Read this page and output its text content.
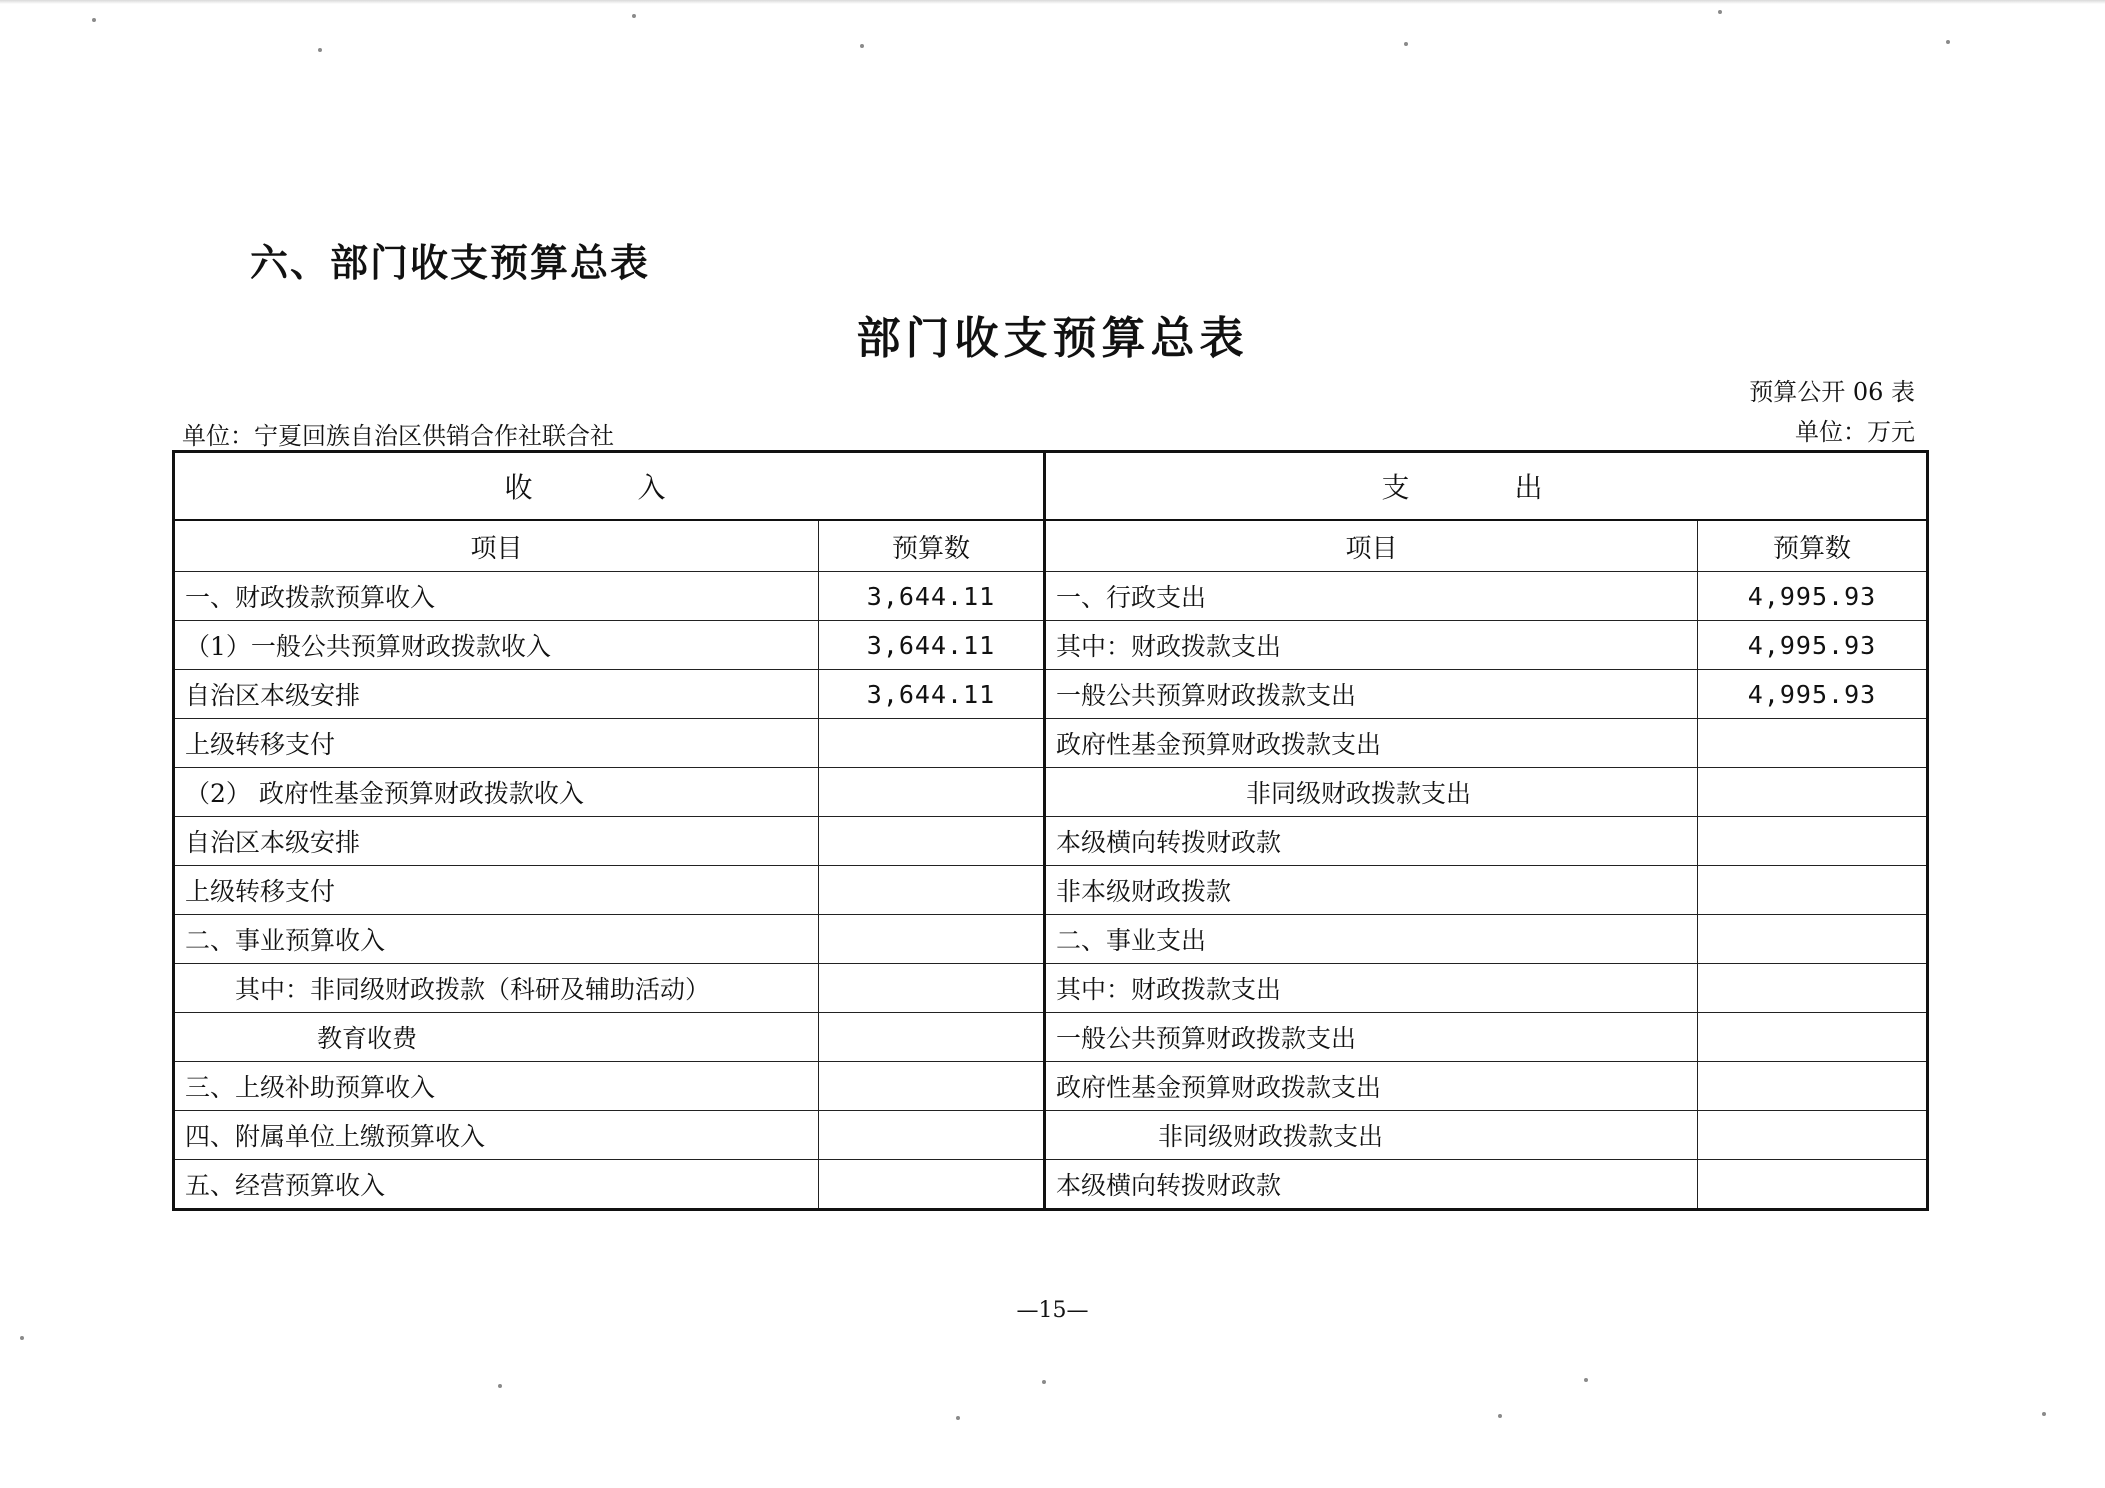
六、部门收支预算总表
部门收支预算总表
预算公开 06 表
单位：宁夏回族自治区供销合作社联合社	单位：万元
收 入		支 出	
项目	预算数	项目	预算数
一、财政拨款预算收入	3,644.11	一、行政支出	4,995.93
（1）一般公共预算财政拨款收入	3,644.11	其中：财政拨款支出	4,995.93
自治区本级安排	3,644.11	一般公共预算财政拨款支出	4,995.93
上级转移支付		政府性基金预算财政拨款支出	
（2） 政府性基金预算财政拨款收入		非同级财政拨款支出	
自治区本级安排		本级横向转拨财政款	
上级转移支付		非本级财政拨款	
二、事业预算收入		二、事业支出	
其中：非同级财政拨款（科研及辅助活动）		其中：财政拨款支出	
教育收费		一般公共预算财政拨款支出	
三、上级补助预算收入		政府性基金预算财政拨款支出	
四、附属单位上缴预算收入		非同级财政拨款支出	
五、经营预算收入		本级横向转拨财政款	
—15—
